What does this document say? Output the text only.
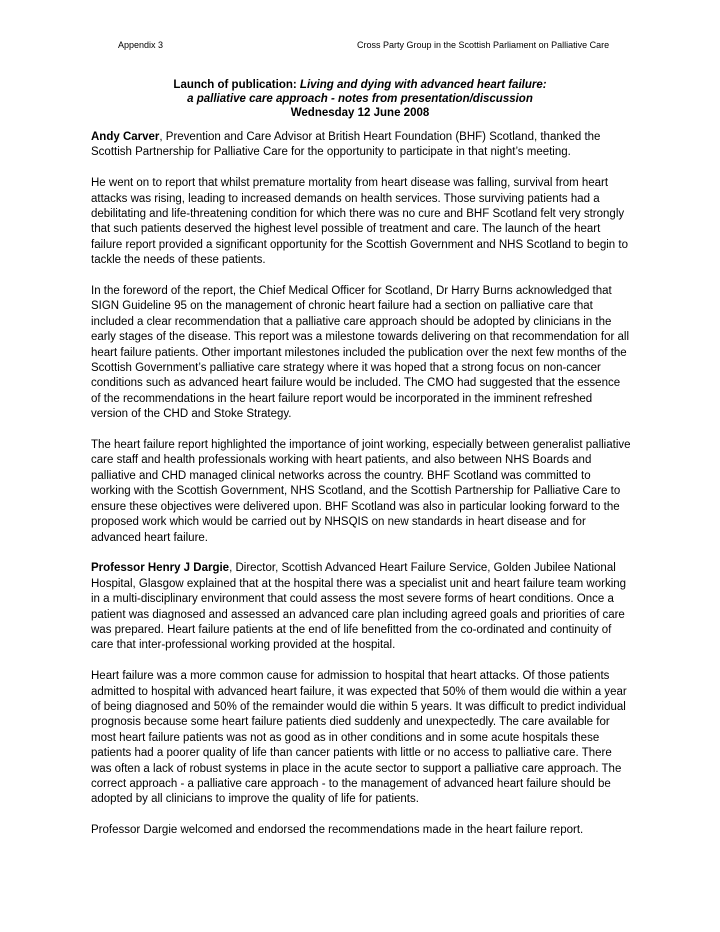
Appendix 3	Cross Party Group in the Scottish Parliament on Palliative Care
Launch of publication: Living and dying with advanced heart failure:
a palliative care approach - notes from presentation/discussion
Wednesday 12 June 2008

Andy Carver, Prevention and Care Advisor at British Heart Foundation (BHF) Scotland, thanked the Scottish Partnership for Palliative Care for the opportunity to participate in that night’s meeting.

He went on to report that whilst premature mortality from heart disease was falling, survival from heart attacks was rising, leading to increased demands on health services. Those surviving patients had a debilitating and life-threatening condition for which there was no cure and BHF Scotland felt very strongly that such patients deserved the highest level possible of treatment and care. The launch of the heart failure report provided a significant opportunity for the Scottish Government and NHS Scotland to begin to tackle the needs of these patients.

In the foreword of the report, the Chief Medical Officer for Scotland, Dr Harry Burns acknowledged that SIGN Guideline 95 on the management of chronic heart failure had a section on palliative care that included a clear recommendation that a palliative care approach should be adopted by clinicians in the early stages of the disease. This report was a milestone towards delivering on that recommendation for all heart failure patients. Other important milestones included the publication over the next few months of the Scottish Government’s palliative care strategy where it was hoped that a strong focus on non-cancer conditions such as advanced heart failure would be included. The CMO had suggested that the essence of the recommendations in the heart failure report would be incorporated in the imminent refreshed version of the CHD and Stoke Strategy.

The heart failure report highlighted the importance of joint working, especially between generalist palliative care staff and health professionals working with heart patients, and also between NHS Boards and palliative and CHD managed clinical networks across the country. BHF Scotland was committed to working with the Scottish Government, NHS Scotland, and the Scottish Partnership for Palliative Care to ensure these objectives were delivered upon. BHF Scotland was also in particular looking forward to the proposed work which would be carried out by NHSQIS on new standards in heart disease and for advanced heart failure.

Professor Henry J Dargie, Director, Scottish Advanced Heart Failure Service, Golden Jubilee National Hospital, Glasgow explained that at the hospital there was a specialist unit and heart failure team working in a multi-disciplinary environment that could assess the most severe forms of heart conditions. Once a patient was diagnosed and assessed an advanced care plan including agreed goals and priorities of care was prepared. Heart failure patients at the end of life benefitted from the co-ordinated and continuity of care that inter-professional working provided at the hospital.

Heart failure was a more common cause for admission to hospital that heart attacks. Of those patients admitted to hospital with advanced heart failure, it was expected that 50% of them would die within a year of being diagnosed and 50% of the remainder would die within 5 years. It was difficult to predict individual prognosis because some heart failure patients died suddenly and unexpectedly. The care available for most heart failure patients was not as good as in other conditions and in some acute hospitals these patients had a poorer quality of life than cancer patients with little or no access to palliative care. There was often a lack of robust systems in place in the acute sector to support a palliative care approach. The correct approach - a palliative care approach - to the management of advanced heart failure should be adopted by all clinicians to improve the quality of life for patients.

Professor Dargie welcomed and endorsed the recommendations made in the heart failure report.
